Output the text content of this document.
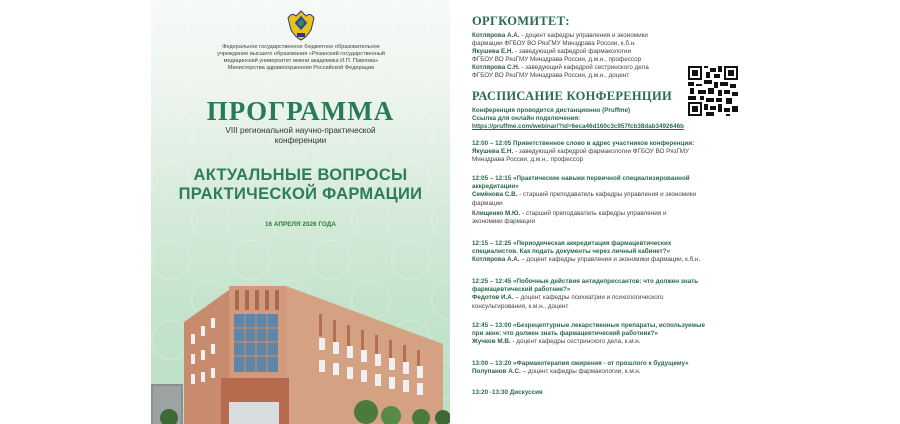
Федеральное государственное бюджетное образовательное
учреждение высшего образования «Рязанский государственный
медицинский университет имени академика И.П. Павлова»
Министерства здравоохранения Российской Федерации
ПРОГРАММА
VIII региональной научно-практической
конференции
АКТУАЛЬНЫЕ ВОПРОСЫ
ПРАКТИЧЕСКОЙ ФАРМАЦИИ
16 АПРЕЛЯ 2026 ГОДА
ОРГКОМИТЕТ:
Котлярова А.А. - доцент кафедры управления и экономики
фармации ФГБОУ ВО РязГМУ Минздрава России, к.б.н.
Якушева Е.Н. - заведующий кафедрой фармакологии
ФГБОУ ВО РязГМУ Минздрава России, д.м.н., профессор
Котлярова С.Н. - заведующий кафедрой сестринского дела
ФГБОУ ВО РязГМУ Минздрава России, д.м.н., доцент
РАСПИСАНИЕ КОНФЕРЕНЦИИ
Конференция проводится дистанционно (Pruffme)
Ссылка для онлайн подключения:
https://pruffme.com/webinar/?id=6eca46d160c3c957fcb38dab3492646b
12:00 – 12:05 Приветственное слово в адрес участников конференции:
Якушева Е.Н. - заведующий кафедрой фармакологии ФГБОУ ВО РязГМУ
Минздрава России, д.м.н., профессор
12:05 – 12:15 «Практические навыки первичной специализированной
аккредитации»
Семёнова С.В. - старший преподаватель кафедры управления и экономики
фармации
Клищенко М.Ю. - старший преподаватель кафедры управления и
экономики фармации
12:15 – 12:25 «Периодическая аккредитация фармацевтических
специалистов. Как подать документы через личный кабинет?»
Котлярова А.А. – доцент кафедры управления и экономики фармации, к.б.н.
12:25 – 12:45 «Побочные действия антидепрессантов: что должен знать
фармацевтический работник?»
Федотов И.А. – доцент кафедры психиатрии и психологического
консультирования, к.м.н., доцент
12:45 – 13:00 «Безрецептурные лекарственные препараты, используемые
при акне: что должен знать фармацевтический работник?»
Жучков М.В. - доцент кафедры сестринского дела, к.м.н.
13:00 – 13:20 «Фармакотерапия ожирения - от прошлого к будущему»
Полупанов А.С. – доцент кафедры фармакологии, к.м.н.
13:20 -13:30 Дискуссия
